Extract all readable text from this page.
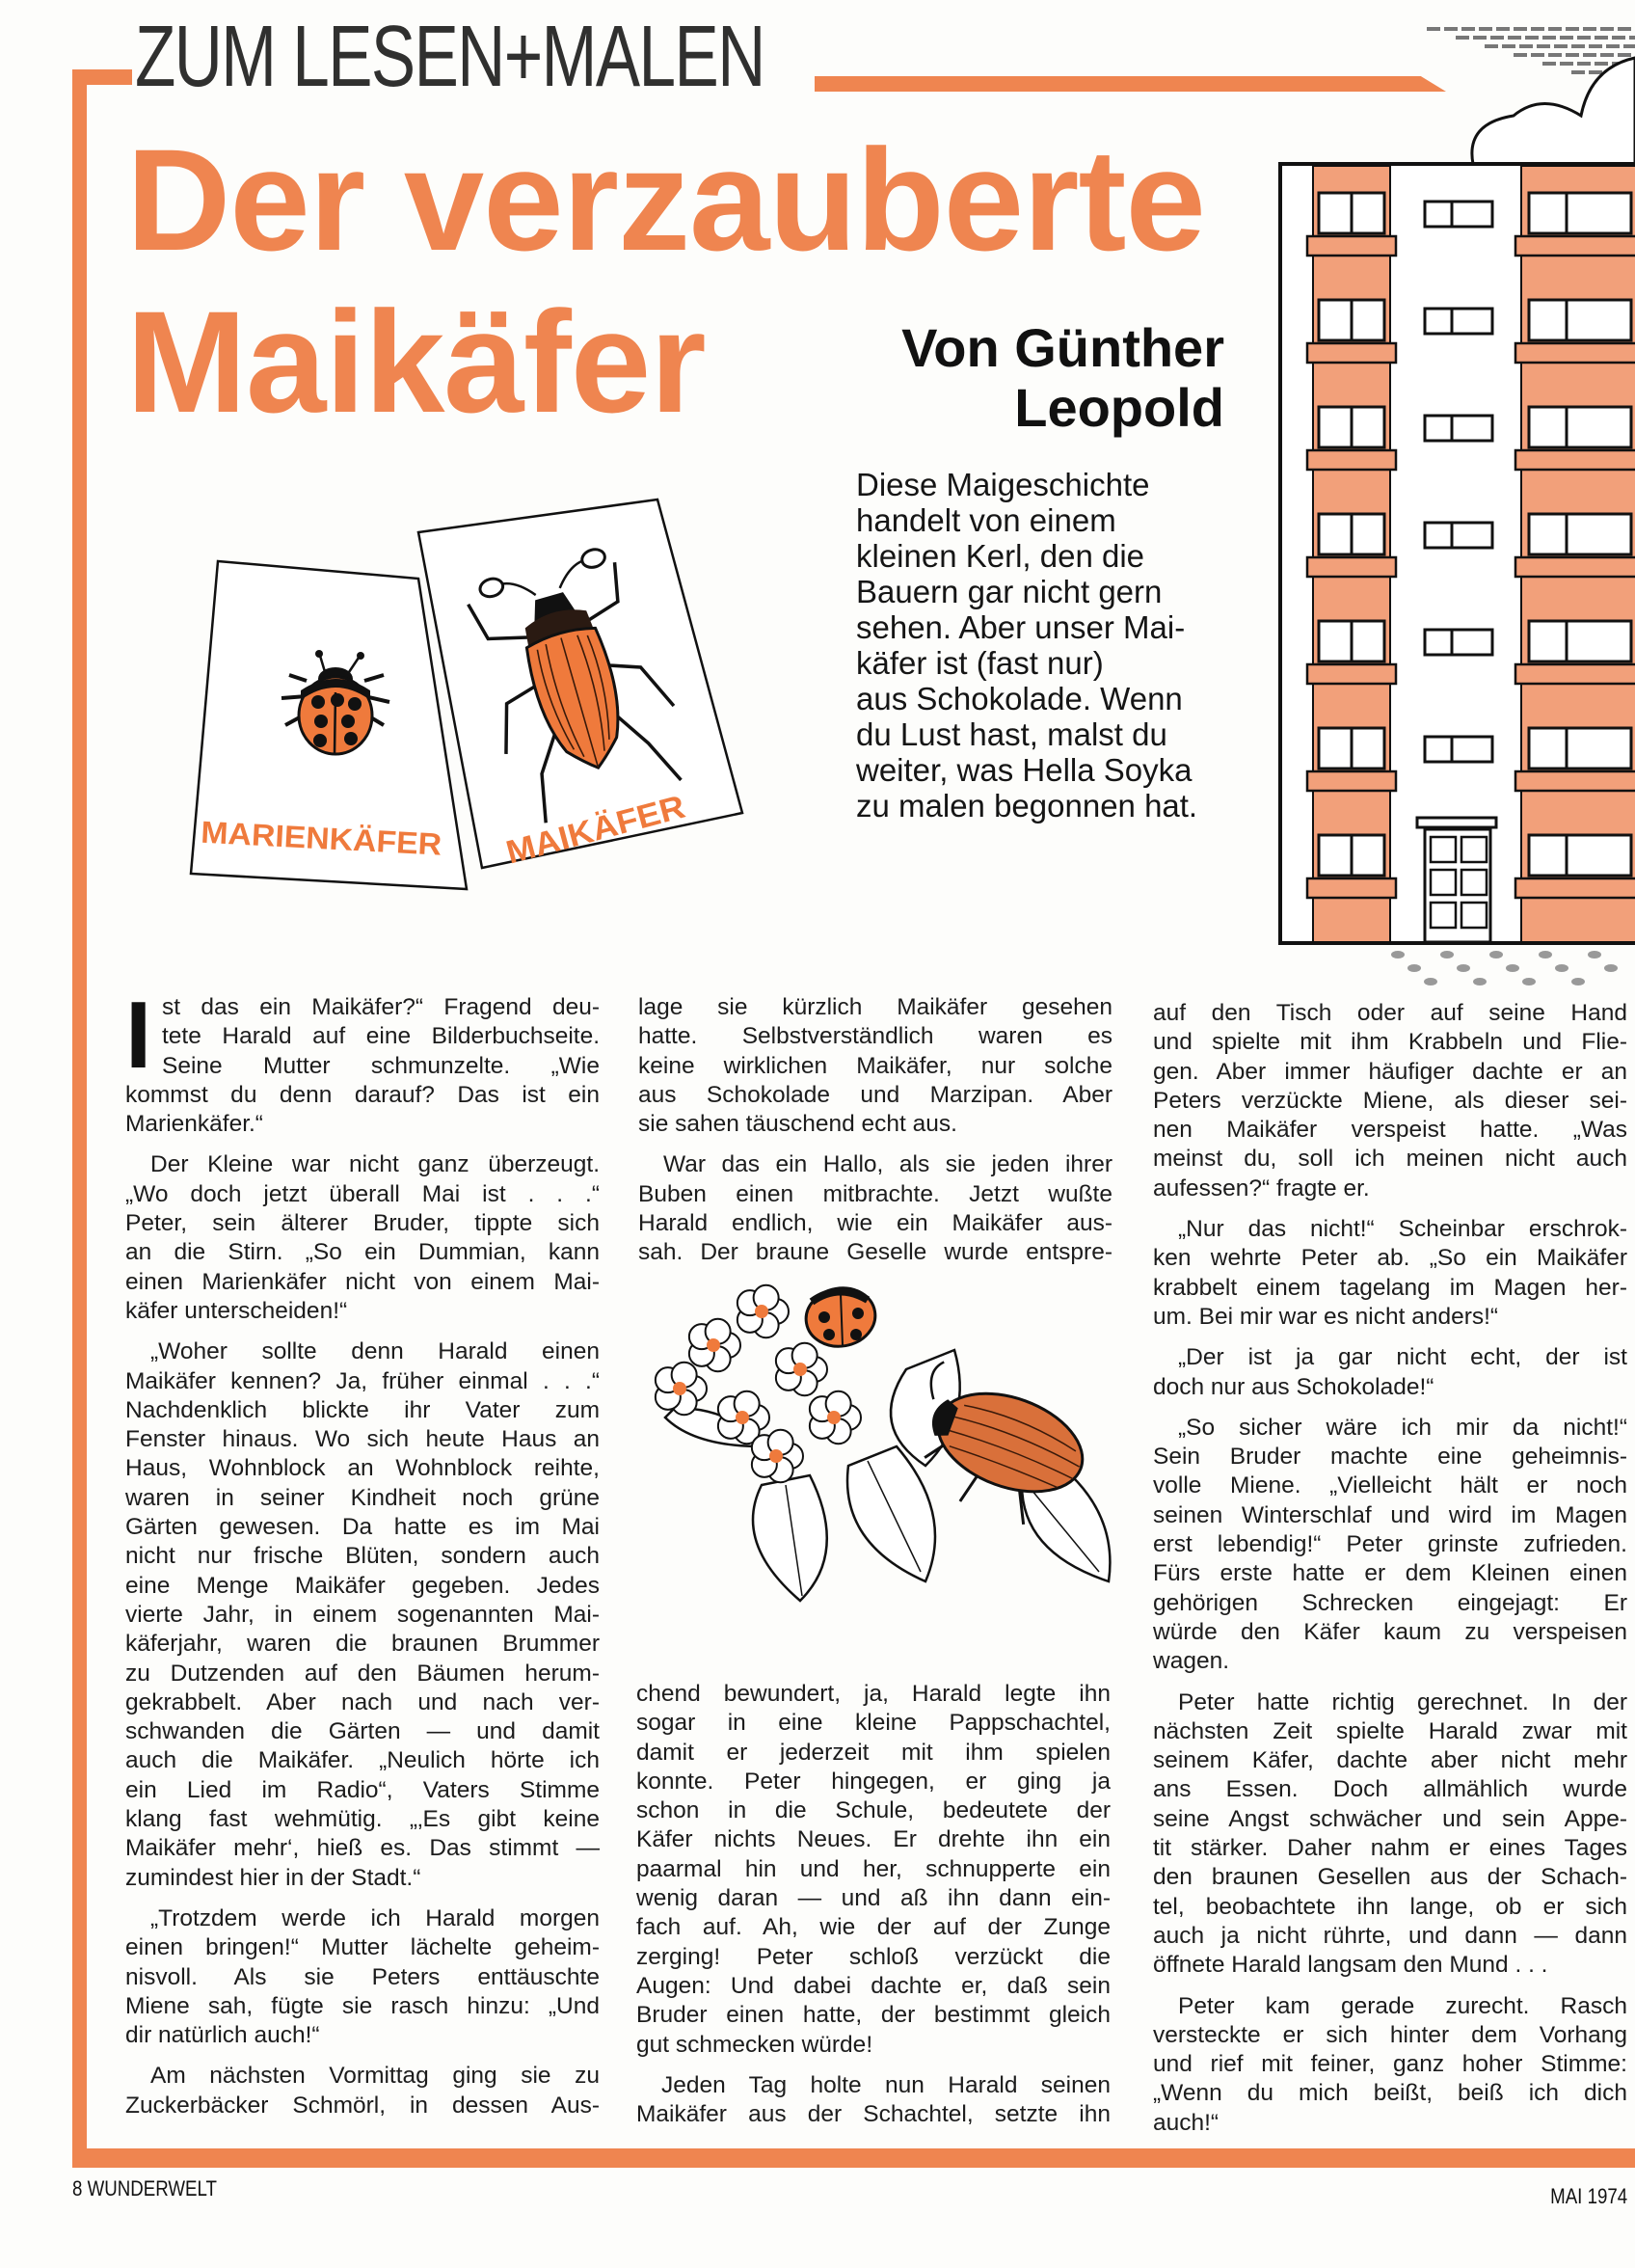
ZUM LESEN+MALEN
Der verzauberte
Maikäfer	Von Günther
Leopold
Diese Maigeschichte
handelt von einem
kleinen Kerl, den die
Bauern gar nicht gern
sehen. Aber unser Mai-
käfer ist (fast nur)
aus Schokolade. Wenn
du Lust hast, malst du
weiter, was Hella Soyka
zu malen begonnen hat.
MARIENKÄFER	MAIKÄFER
I st das ein Maikäfer?“ Fragend deu-
tete Harald auf eine Bilderbuchseite.
Seine Mutter schmunzelte. „Wie
kommst du denn darauf? Das ist ein
Marienkäfer.“
Der Kleine war nicht ganz überzeugt.
„Wo doch jetzt überall Mai ist . . .“
Peter, sein älterer Bruder, tippte sich
an die Stirn. „So ein Dummian, kann
einen Marienkäfer nicht von einem Mai-
käfer unterscheiden!“
„Woher sollte denn Harald einen
Maikäfer kennen? Ja, früher einmal . . .“
Nachdenklich blickte ihr Vater zum
Fenster hinaus. Wo sich heute Haus an
Haus, Wohnblock an Wohnblock reihte,
waren in seiner Kindheit noch grüne
Gärten gewesen. Da hatte es im Mai
nicht nur frische Blüten, sondern auch
eine Menge Maikäfer gegeben. Jedes
vierte Jahr, in einem sogenannten Mai-
käferjahr, waren die braunen Brummer
zu Dutzenden auf den Bäumen herum-
gekrabbelt. Aber nach und nach ver-
schwanden die Gärten — und damit
auch die Maikäfer. „Neulich hörte ich
ein Lied im Radio“, Vaters Stimme
klang fast wehmütig. „‚Es gibt keine
Maikäfer mehr‘, hieß es. Das stimmt —
zumindest hier in der Stadt.“
„Trotzdem werde ich Harald morgen
einen bringen!“ Mutter lächelte geheim-
nisvoll. Als sie Peters enttäuschte
Miene sah, fügte sie rasch hinzu: „Und
dir natürlich auch!“
Am nächsten Vormittag ging sie zu
Zuckerbäcker Schmörl, in dessen Aus-
lage sie kürzlich Maikäfer gesehen
hatte. Selbstverständlich waren es
keine wirklichen Maikäfer, nur solche
aus Schokolade und Marzipan. Aber
sie sahen täuschend echt aus.
War das ein Hallo, als sie jeden ihrer
Buben einen mitbrachte. Jetzt wußte
Harald endlich, wie ein Maikäfer aus-
sah. Der braune Geselle wurde entspre-
chend bewundert, ja, Harald legte ihn
sogar in eine kleine Pappschachtel,
damit er jederzeit mit ihm spielen
konnte. Peter hingegen, er ging ja
schon in die Schule, bedeutete der
Käfer nichts Neues. Er drehte ihn ein
paarmal hin und her, schnupperte ein
wenig daran — und aß ihn dann ein-
fach auf. Ah, wie der auf der Zunge
zerging! Peter schloß verzückt die
Augen: Und dabei dachte er, daß sein
Bruder einen hatte, der bestimmt gleich
gut schmecken würde!
Jeden Tag holte nun Harald seinen
Maikäfer aus der Schachtel, setzte ihn
auf den Tisch oder auf seine Hand
und spielte mit ihm Krabbeln und Flie-
gen. Aber immer häufiger dachte er an
Peters verzückte Miene, als dieser sei-
nen Maikäfer verspeist hatte. „Was
meinst du, soll ich meinen nicht auch
aufessen?“ fragte er.
„Nur das nicht!“ Scheinbar erschrok-
ken wehrte Peter ab. „So ein Maikäfer
krabbelt einem tagelang im Magen her-
um. Bei mir war es nicht anders!“
„Der ist ja gar nicht echt, der ist
doch nur aus Schokolade!“
„So sicher wäre ich mir da nicht!“
Sein Bruder machte eine geheimnis-
volle Miene. „Vielleicht hält er noch
seinen Winterschlaf und wird im Magen
erst lebendig!“ Peter grinste zufrieden.
Fürs erste hatte er dem Kleinen einen
gehörigen Schrecken eingejagt: Er
würde den Käfer kaum zu verspeisen
wagen.
Peter hatte richtig gerechnet. In der
nächsten Zeit spielte Harald zwar mit
seinem Käfer, dachte aber nicht mehr
ans Essen. Doch allmählich wurde
seine Angst schwächer und sein Appe-
tit stärker. Daher nahm er eines Tages
den braunen Gesellen aus der Schach-
tel, beobachtete ihn lange, ob er sich
auch ja nicht rührte, und dann — dann
öffnete Harald langsam den Mund . . .
Peter kam gerade zurecht. Rasch
versteckte er sich hinter dem Vorhang
und rief mit feiner, ganz hoher Stimme:
„Wenn du mich beißt, beiß ich dich
auch!“
8 WUNDERWELT	MAI 1974
